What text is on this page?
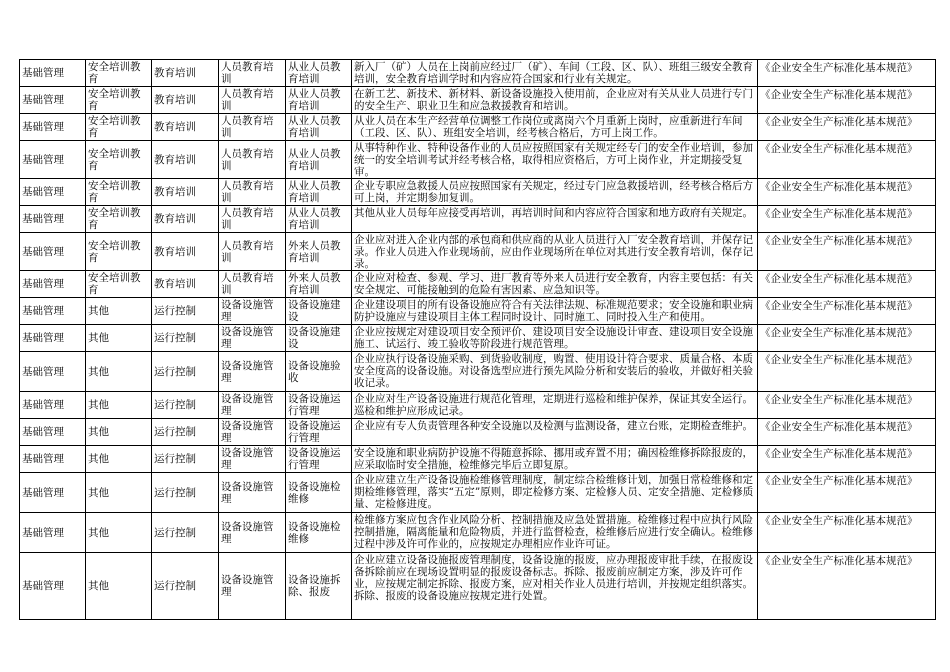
基础管理	安全培训教育	教育培训	人员教育培训	从业人员教育培训	新入厂（矿）人员在上岗前应经过厂（矿）、车间（工段、区、队）、班组三级安全教育培训，安全教育培训学时和内容应符合国家和行业有关规定。	《企业安全生产标准化基本规范》
基础管理	安全培训教育	教育培训	人员教育培训	从业人员教育培训	在新工艺、新技术、新材料、新设备设施投入使用前，企业应对有关从业人员进行专门的安全生产、职业卫生和应急救援教育和培训。	《企业安全生产标准化基本规范》
基础管理	安全培训教育	教育培训	人员教育培训	从业人员教育培训	从业人员在本生产经营单位调整工作岗位或离岗六个月重新上岗时，应重新进行车间（工段、区、队）、班组安全培训，经考核合格后，方可上岗工作。	《企业安全生产标准化基本规范》
基础管理	安全培训教育	教育培训	人员教育培训	从业人员教育培训	从事特种作业、特种设备作业的人员应按照国家有关规定经专门的安全作业培训，参加统一的安全培训考试并经考核合格，取得相应资格后，方可上岗作业，并定期接受复审。	《企业安全生产标准化基本规范》
基础管理	安全培训教育	教育培训	人员教育培训	从业人员教育培训	企业专职应急救援人员应按照国家有关规定，经过专门应急救援培训，经考核合格后方可上岗，并定期参加复训。	《企业安全生产标准化基本规范》
基础管理	安全培训教育	教育培训	人员教育培训	从业人员教育培训	其他从业人员每年应接受再培训，再培训时间和内容应符合国家和地方政府有关规定。	《企业安全生产标准化基本规范》
基础管理	安全培训教育	教育培训	人员教育培训	外来人员教育培训	企业应对进入企业内部的承包商和供应商的从业人员进行入厂安全教育培训，并保存记录。作业人员进入作业现场前，应由作业现场所在单位对其进行安全教育培训，保存记录。	《企业安全生产标准化基本规范》
基础管理	安全培训教育	教育培训	人员教育培训	外来人员教育培训	企业应对检查、参观、学习、进厂教育等外来人员进行安全教育，内容主要包括：有关安全规定、可能接触到的危险有害因素、应急知识等。	《企业安全生产标准化基本规范》
基础管理	其他	运行控制	设备设施管理	设备设施建设	企业建设项目的所有设备设施应符合有关法律法规、标准规范要求；安全设施和职业病防护设施应与建设项目主体工程同时设计、同时施工、同时投入生产和使用。	《企业安全生产标准化基本规范》
基础管理	其他	运行控制	设备设施管理	设备设施建设	企业应按规定对建设项目安全预评价、建设项目安全设施设计审查、建设项目安全设施施工、试运行、竣工验收等阶段进行规范管理。	《企业安全生产标准化基本规范》
基础管理	其他	运行控制	设备设施管理	设备设施验收	企业应执行设备设施采购、到货验收制度，购置、使用设计符合要求、质量合格、本质安全度高的设备设施。对设备选型应进行预先风险分析和安装后的验收，并做好相关验收记录。	《企业安全生产标准化基本规范》
基础管理	其他	运行控制	设备设施管理	设备设施运行管理	企业应对生产设备设施进行规范化管理，定期进行巡检和维护保养，保证其安全运行。巡检和维护应形成记录。	《企业安全生产标准化基本规范》
基础管理	其他	运行控制	设备设施管理	设备设施运行管理	企业应有专人负责管理各种安全设施以及检测与监测设备，建立台账，定期检查维护。	《企业安全生产标准化基本规范》
基础管理	其他	运行控制	设备设施管理	设备设施运行管理	安全设施和职业病防护设施不得随意拆除、挪用或弃置不用；确因检维修拆除报废的，应采取临时安全措施，检维修完毕后立即复原。	《企业安全生产标准化基本规范》
基础管理	其他	运行控制	设备设施管理	设备设施检维修	企业应建立生产设备设施检维修管理制度，制定综合检维修计划，加强日常检维修和定期检维修管理，落实“五定”原则，即定检修方案、定检修人员、定安全措施、定检修质量、定检修进度。	《企业安全生产标准化基本规范》
基础管理	其他	运行控制	设备设施管理	设备设施检维修	检维修方案应包含作业风险分析、控制措施及应急处置措施。检维修过程中应执行风险控制措施，隔离能量和危险物质，并进行监督检查，检维修后应进行安全确认。检维修过程中涉及许可作业的，应按规定办理相应作业许可证。	《企业安全生产标准化基本规范》
基础管理	其他	运行控制	设备设施管理	设备设施拆除、报废	企业应建立设备设施报废管理制度，设备设施的报废，应办理报废审批手续，在报废设备拆除前应在现场设置明显的报废设备标志。拆除、报废前应制定方案，涉及许可作业，应按规定制定拆除、报废方案，应对相关作业人员进行培训，并按规定组织落实。拆除、报废的设备设施应按规定进行处置。	《企业安全生产标准化基本规范》
